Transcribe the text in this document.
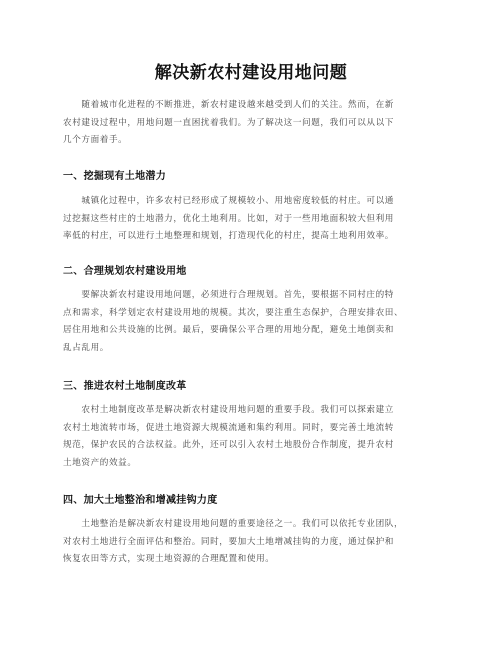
解决新农村建设用地问题
　　随着城市化进程的不断推进，新农村建设越来越受到人们的关注。然而，在新
农村建设过程中，用地问题一直困扰着我们。为了解决这一问题，我们可以从以下
几个方面着手。
一、挖掘现有土地潜力
　　城镇化过程中，许多农村已经形成了规模较小、用地密度较低的村庄。可以通
过挖掘这些村庄的土地潜力，优化土地利用。比如，对于一些用地面积较大但利用
率低的村庄，可以进行土地整理和规划，打造现代化的村庄，提高土地利用效率。
二、合理规划农村建设用地
　　要解决新农村建设用地问题，必须进行合理规划。首先，要根据不同村庄的特
点和需求，科学划定农村建设用地的规模。其次，要注重生态保护，合理安排农田、
居住用地和公共设施的比例。最后，要确保公平合理的用地分配，避免土地倒卖和
乱占乱用。
三、推进农村土地制度改革
　　农村土地制度改革是解决新农村建设用地问题的重要手段。我们可以探索建立
农村土地流转市场，促进土地资源大规模流通和集约利用。同时，要完善土地流转
规范，保护农民的合法权益。此外，还可以引入农村土地股份合作制度，提升农村
土地资产的效益。
四、加大土地整治和增减挂钩力度
　　土地整治是解决新农村建设用地问题的重要途径之一。我们可以依托专业团队，
对农村土地进行全面评估和整治。同时，要加大土地增减挂钩的力度，通过保护和
恢复农田等方式，实现土地资源的合理配置和使用。
